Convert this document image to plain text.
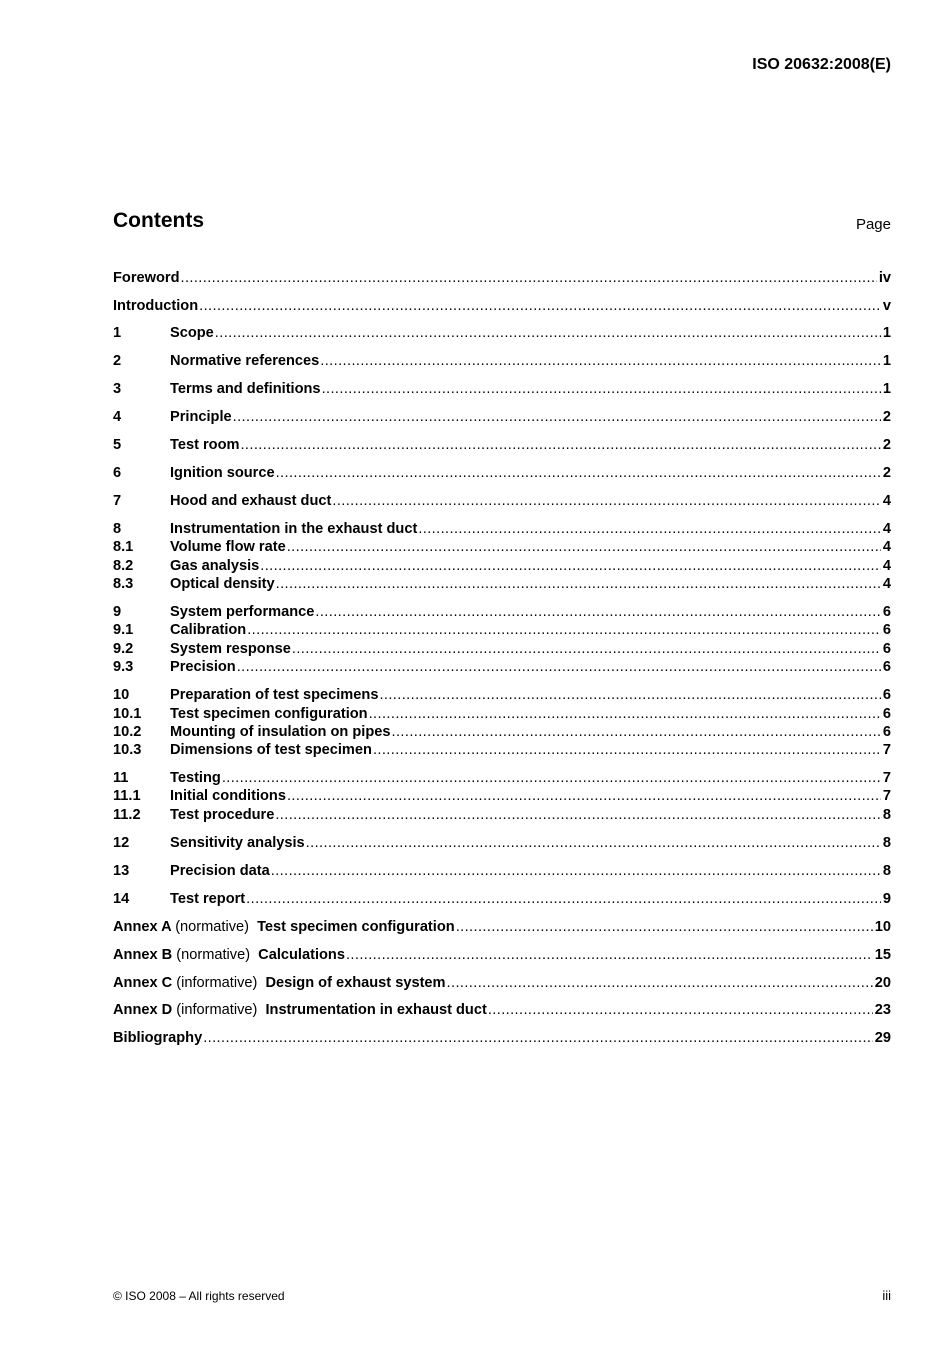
ISO 20632:2008(E)
Contents	Page
Foreword .....	iv
Introduction .....	v
1	Scope .....	1
2	Normative references .....	1
3	Terms and definitions .....	1
4	Principle .....	2
5	Test room .....	2
6	Ignition source .....	2
7	Hood and exhaust duct .....	4
8	Instrumentation in the exhaust duct .....	4
8.1	Volume flow rate .....	4
8.2	Gas analysis .....	4
8.3	Optical density .....	4
9	System performance .....	6
9.1	Calibration .....	6
9.2	System response .....	6
9.3	Precision .....	6
10	Preparation of test specimens .....	6
10.1	Test specimen configuration .....	6
10.2	Mounting of insulation on pipes .....	6
10.3	Dimensions of test specimen .....	7
11	Testing .....	7
11.1	Initial conditions .....	7
11.2	Test procedure .....	8
12	Sensitivity analysis .....	8
13	Precision data .....	8
14	Test report .....	9
Annex A (normative) Test specimen configuration .....	10
Annex B (normative) Calculations .....	15
Annex C (informative) Design of exhaust system .....	20
Annex D (informative) Instrumentation in exhaust duct .....	23
Bibliography .....	29
© ISO 2008 – All rights reserved	iii
